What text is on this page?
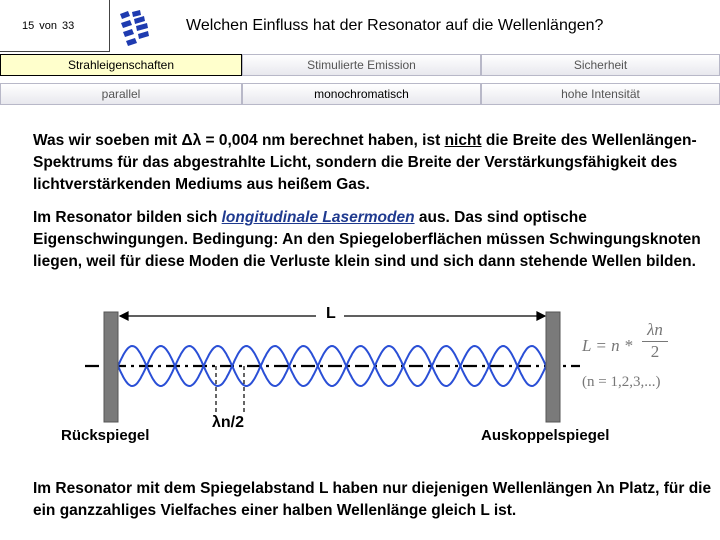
15 von 33	Welchen Einfluss hat der Resonator auf die Wellenlängen?
Strahleigenschaften	Stimulierte Emission	Sicherheit
parallel	monochromatisch	hohe Intensität
Was wir soeben mit Δλ = 0,004 nm berechnet haben, ist nicht die Breite des Wellenlängen-Spektrums für das abgestrahlte Licht, sondern die Breite der Verstärkungsfähigkeit des lichtverstärkenden Mediums aus heißem Gas.
Im Resonator bilden sich longitudinale Lasermoden aus. Das sind optische Eigenschwingungen. Bedingung: An den Spiegeloberflächen müssen Schwingungsknoten liegen, weil für diese Moden die Verluste klein sind und sich dann stehende Wellen bilden.
L
Rückspiegel
λn/2
Auskoppelspiegel
$L = n * \frac{\lambda n}{2}$
(n = 1,2,3,...)
Im Resonator mit dem Spiegelabstand L haben nur diejenigen Wellenlängen λn Platz, für die ein ganzzahliges Vielfaches einer halben Wellenlänge gleich L ist.
